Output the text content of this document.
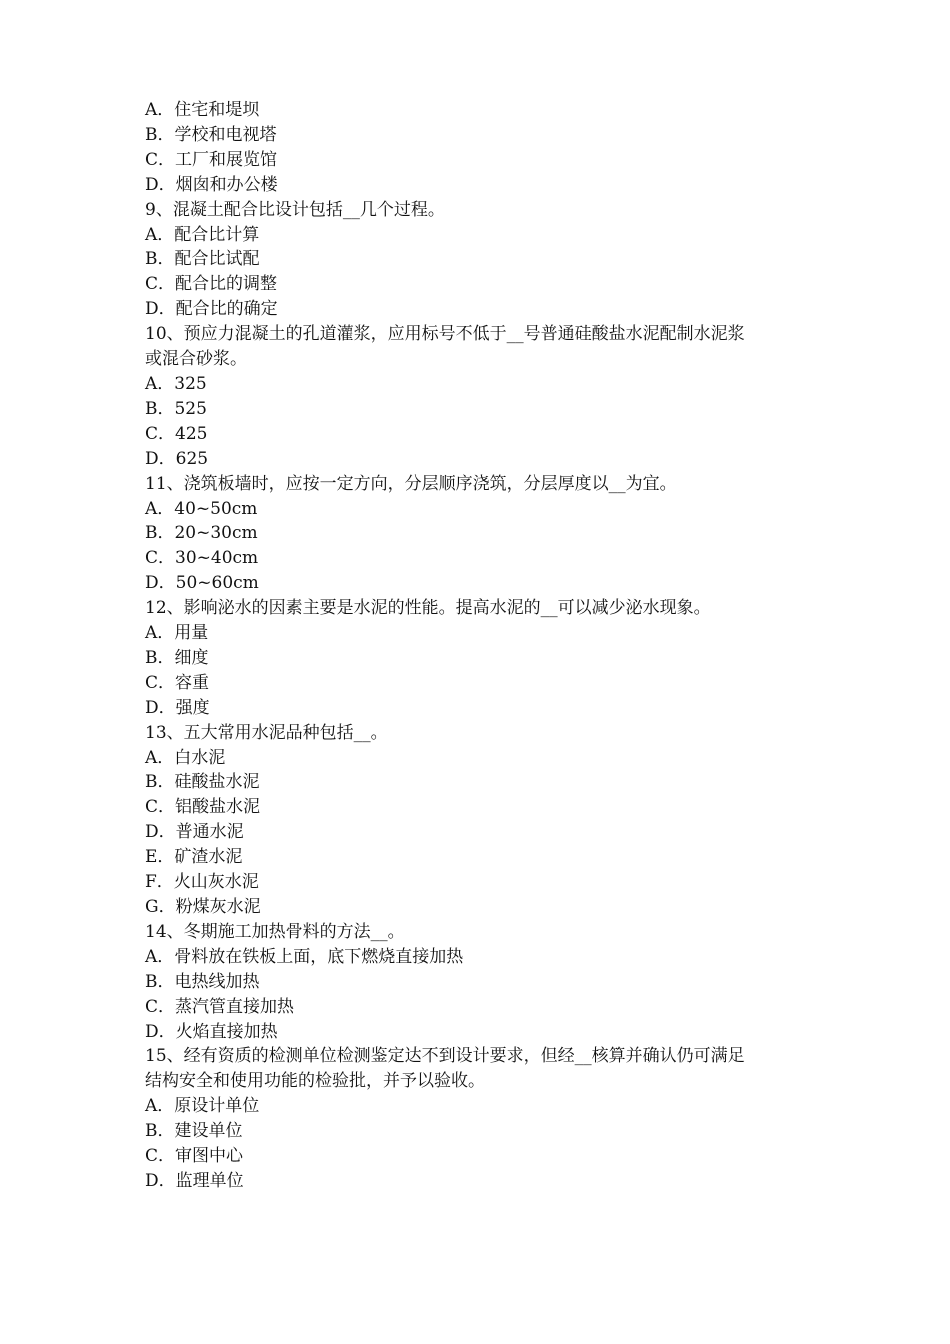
A．住宅和堤坝
B．学校和电视塔
C．工厂和展览馆
D．烟囱和办公楼
9、混凝土配合比设计包括__几个过程。
A．配合比计算
B．配合比试配
C．配合比的调整
D．配合比的确定
10、预应力混凝土的孔道灌浆，应用标号不低于__号普通硅酸盐水泥配制水泥浆
或混合砂浆。
A．325
B．525
C．425
D．625
11、浇筑板墙时，应按一定方向，分层顺序浇筑，分层厚度以__为宜。
A．40~50cm
B．20~30cm
C．30~40cm
D．50~60cm
12、影响泌水的因素主要是水泥的性能。提高水泥的__可以减少泌水现象。
A．用量
B．细度
C．容重
D．强度
13、五大常用水泥品种包括__。
A．白水泥
B．硅酸盐水泥
C．铝酸盐水泥
D．普通水泥
E．矿渣水泥
F．火山灰水泥
G．粉煤灰水泥
14、冬期施工加热骨料的方法__。
A．骨料放在铁板上面，底下燃烧直接加热
B．电热线加热
C．蒸汽管直接加热
D．火焰直接加热
15、经有资质的检测单位检测鉴定达不到设计要求，但经__核算并确认仍可满足
结构安全和使用功能的检验批，并予以验收。
A．原设计单位
B．建设单位
C．审图中心
D．监理单位
